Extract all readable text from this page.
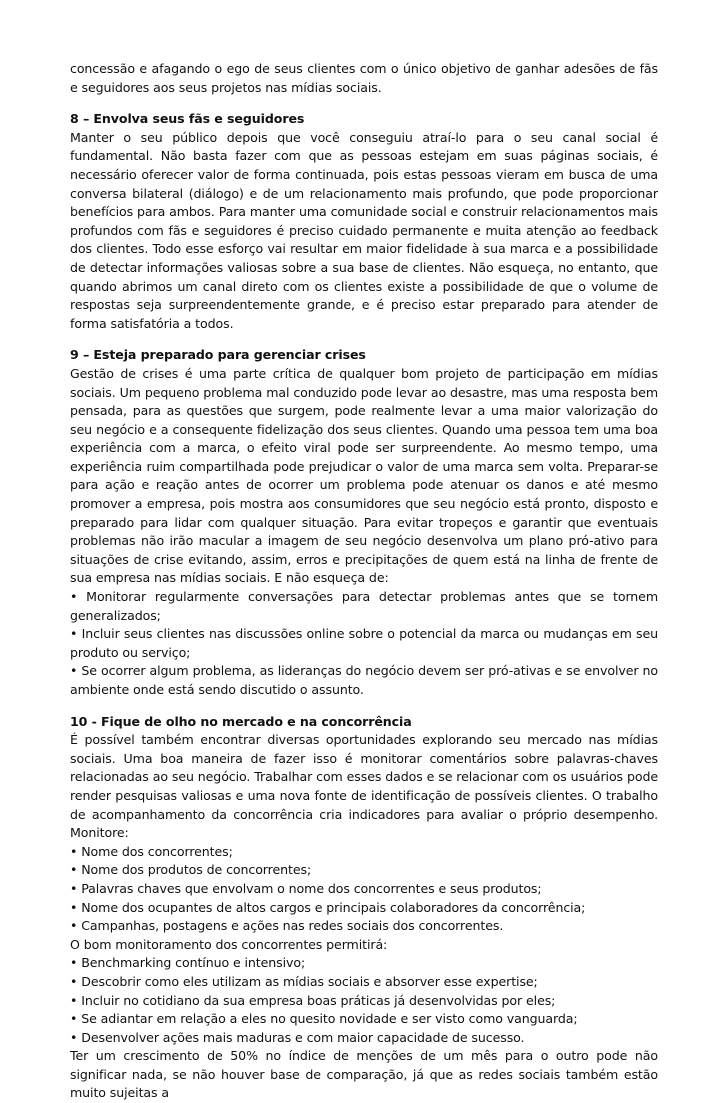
concessão e afagando o ego de seus clientes com o único objetivo de ganhar adesões de fãs e seguidores aos seus projetos nas mídias sociais.

8 – Envolva seus fãs e seguidores

Manter o seu público depois que você conseguiu atraí-lo para o seu canal social é fundamental. Não basta fazer com que as pessoas estejam em suas páginas sociais, é necessário oferecer valor de forma continuada, pois estas pessoas vieram em busca de uma conversa bilateral (diálogo) e de um relacionamento mais profundo, que pode proporcionar benefícios para ambos. Para manter uma comunidade social e construir relacionamentos mais profundos com fãs e seguidores é preciso cuidado permanente e muita atenção ao feedback dos clientes. Todo esse esforço vai resultar em maior fidelidade à sua marca e a possibilidade de detectar informações valiosas sobre a sua base de clientes. Não esqueça, no entanto, que quando abrimos um canal direto com os clientes existe a possibilidade de que o volume de respostas seja surpreendentemente grande, e é preciso estar preparado para atender de forma satisfatória a todos.

9 – Esteja preparado para gerenciar crises

Gestão de crises é uma parte crítica de qualquer bom projeto de participação em mídias sociais. Um pequeno problema mal conduzido pode levar ao desastre, mas uma resposta bem pensada, para as questões que surgem, pode realmente levar a uma maior valorização do seu negócio e a consequente fidelização dos seus clientes. Quando uma pessoa tem uma boa experiência com a marca, o efeito viral pode ser surpreendente. Ao mesmo tempo, uma experiência ruim compartilhada pode prejudicar o valor de uma marca sem volta. Preparar-se para ação e reação antes de ocorrer um problema pode atenuar os danos e até mesmo promover a empresa, pois mostra aos consumidores que seu negócio está pronto, disposto e preparado para lidar com qualquer situação. Para evitar tropeços e garantir que eventuais problemas não irão macular a imagem de seu negócio desenvolva um plano pró-ativo para situações de crise evitando, assim, erros e precipitações de quem está na linha de frente de sua empresa nas mídias sociais. E não esqueça de:

• Monitorar regularmente conversações para detectar problemas antes que se tornem generalizados;

• Incluir seus clientes nas discussões online sobre o potencial da marca ou mudanças em seu produto ou serviço;

• Se ocorrer algum problema, as lideranças do negócio devem ser pró-ativas e se envolver no ambiente onde está sendo discutido o assunto.

10 - Fique de olho no mercado e na concorrência

É possível também encontrar diversas oportunidades explorando seu mercado nas mídias sociais. Uma boa maneira de fazer isso é monitorar comentários sobre palavras-chaves relacionadas ao seu negócio. Trabalhar com esses dados e se relacionar com os usuários pode render pesquisas valiosas e uma nova fonte de identificação de possíveis clientes. O trabalho de acompanhamento da concorrência cria indicadores para avaliar o próprio desempenho. Monitore:

• Nome dos concorrentes;

• Nome dos produtos de concorrentes;

• Palavras chaves que envolvam o nome dos concorrentes e seus produtos;

• Nome dos ocupantes de altos cargos e principais colaboradores da concorrência;

• Campanhas, postagens e ações nas redes sociais dos concorrentes.

O bom monitoramento dos concorrentes permitirá:

• Benchmarking contínuo e intensivo;

• Descobrir como eles utilizam as mídias sociais e absorver esse expertise;

• Incluir no cotidiano da sua empresa boas práticas já desenvolvidas por eles;

• Se adiantar em relação a eles no quesito novidade e ser visto como vanguarda;

• Desenvolver ações mais maduras e com maior capacidade de sucesso.

Ter um crescimento de 50% no índice de menções de um mês para o outro pode não significar nada, se não houver base de comparação, já que as redes sociais também estão muito sujeitas a
